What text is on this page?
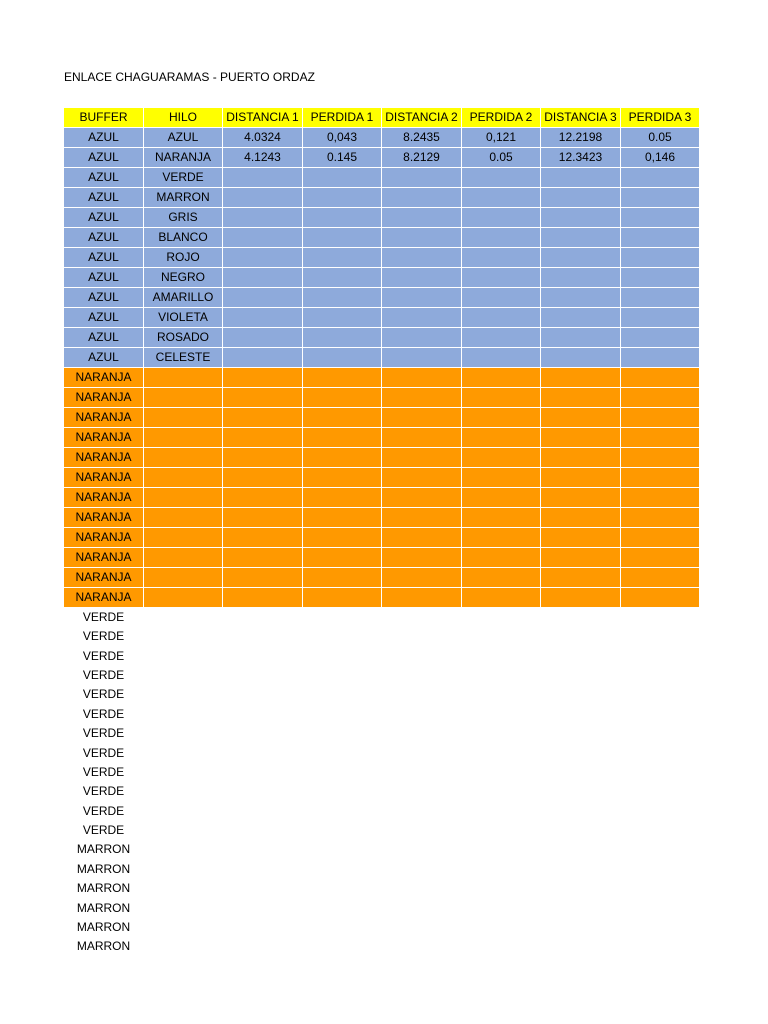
ENLACE CHAGUARAMAS - PUERTO ORDAZ
BUFFER	HILO	DISTANCIA 1	PERDIDA 1	DISTANCIA 2	PERDIDA 2	DISTANCIA 3	PERDIDA 3
AZUL	AZUL	4.0324	0,043	8.2435	0,121	12.2198	0.05
AZUL	NARANJA	4.1243	0.145	8.2129	0.05	12.3423	0,146
AZUL	VERDE						
AZUL	MARRON						
AZUL	GRIS						
AZUL	BLANCO						
AZUL	ROJO						
AZUL	NEGRO						
AZUL	AMARILLO						
AZUL	VIOLETA						
AZUL	ROSADO						
AZUL	CELESTE						
NARANJA							
NARANJA							
NARANJA							
NARANJA							
NARANJA							
NARANJA							
NARANJA							
NARANJA							
NARANJA							
NARANJA							
NARANJA							
NARANJA							
VERDE							
VERDE							
VERDE							
VERDE							
VERDE							
VERDE							
VERDE							
VERDE							
VERDE							
VERDE							
VERDE							
VERDE							
MARRON							
MARRON							
MARRON							
MARRON							
MARRON							
MARRON							
